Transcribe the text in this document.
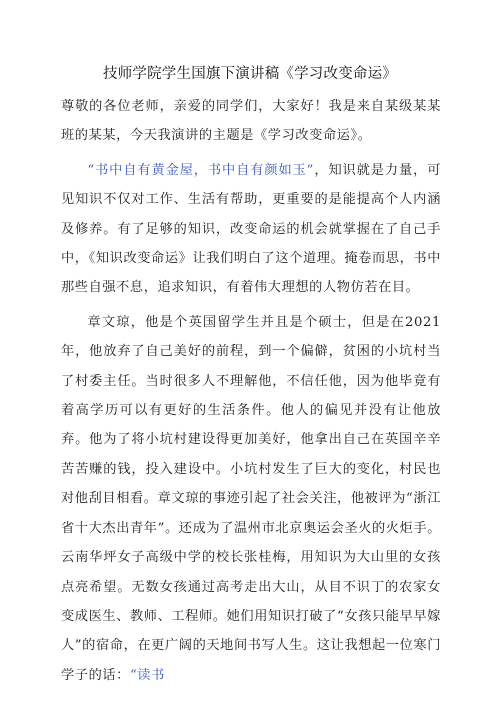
技师学院学生国旗下演讲稿《学习改变命运》

尊敬的各位老师，亲爱的同学们，大家好！我是来自某级某某班的某某，今天我演讲的主题是《学习改变命运》。

“书中自有黄金屋，书中自有颜如玉”，知识就是力量，可见知识不仅对工作、生活有帮助，更重要的是能提高个人内涵及修养。有了足够的知识，改变命运的机会就掌握在了自己手中，《知识改变命运》让我们明白了这个道理。掩卷而思，书中那些自强不息，追求知识，有着伟大理想的人物仿若在目。

章文琼，他是个英国留学生并且是个硕士，但是在2021年，他放弃了自己美好的前程，到一个偏僻，贫困的小坑村当了村委主任。当时很多人不理解他，不信任他，因为他毕竟有着高学历可以有更好的生活条件。他人的偏见并没有让他放弃。他为了将小坑村建设得更加美好，他拿出自己在英国辛辛苦苦赚的钱，投入建设中。小坑村发生了巨大的变化，村民也对他刮目相看。章文琼的事迹引起了社会关注，他被评为“浙江省十大杰出青年”。还成为了温州市北京奥运会圣火的火炬手。云南华坪女子高级中学的校长张桂梅，用知识为大山里的女孩点亮希望。无数女孩通过高考走出大山，从目不识丁的农家女变成医生、教师、工程师。她们用知识打破了“女孩只能早早嫁人”的宿命，在更广阔的天地间书写人生。这让我想起一位寒门学子的话：“读书
